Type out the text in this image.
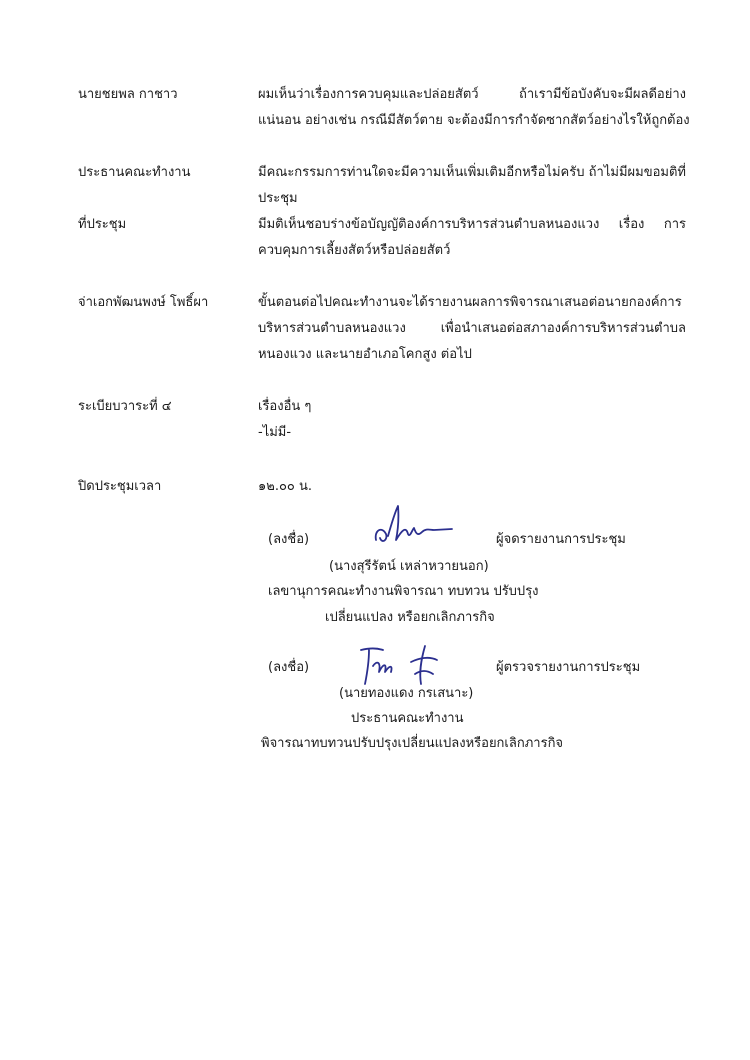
นายชยพล กาชาว	ผมเห็นว่าเรื่องการควบคุมและปล่อยสัตว์ ถ้าเรามีข้อบังคับจะมีผลดีอย่าง
แน่นอน อย่างเช่น กรณีมีสัตว์ตาย จะต้องมีการกำจัดซากสัตว์อย่างไรให้ถูกต้อง
ประธานคณะทำงาน	มีคณะกรรมการท่านใดจะมีความเห็นเพิ่มเติมอีกหรือไม่ครับ ถ้าไม่มีผมขอมติที่
ประชุม
ที่ประชุม	มีมติเห็นชอบร่างข้อบัญญัติองค์การบริหารส่วนตำบลหนองแวง เรื่อง การ
ควบคุมการเลี้ยงสัตว์หรือปล่อยสัตว์
จ่าเอกพัฒนพงษ์ โพธิ์ผา	ขั้นตอนต่อไปคณะทำงานจะได้รายงานผลการพิจารณาเสนอต่อนายกองค์การ
บริหารส่วนตำบลหนองแวง เพื่อนำเสนอต่อสภาองค์การบริหารส่วนตำบล
หนองแวง และนายอำเภอโคกสูง ต่อไป
ระเบียบวาระที่ ๔	เรื่องอื่น ๆ
-ไม่มี-
ปิดประชุมเวลา	๑๒.๐๐ น.
(ลงชื่อ)	ผู้จดรายงานการประชุม
(นางสุรีรัตน์ เหล่าหวายนอก)
เลขานุการคณะทำงานพิจารณา ทบทวน ปรับปรุง
เปลี่ยนแปลง หรือยกเลิกภารกิจ
(ลงชื่อ)	ผู้ตรวจรายงานการประชุม
(นายทองแดง กรเสนาะ)
ประธานคณะทำงาน
พิจารณาทบทวนปรับปรุงเปลี่ยนแปลงหรือยกเลิกภารกิจ
